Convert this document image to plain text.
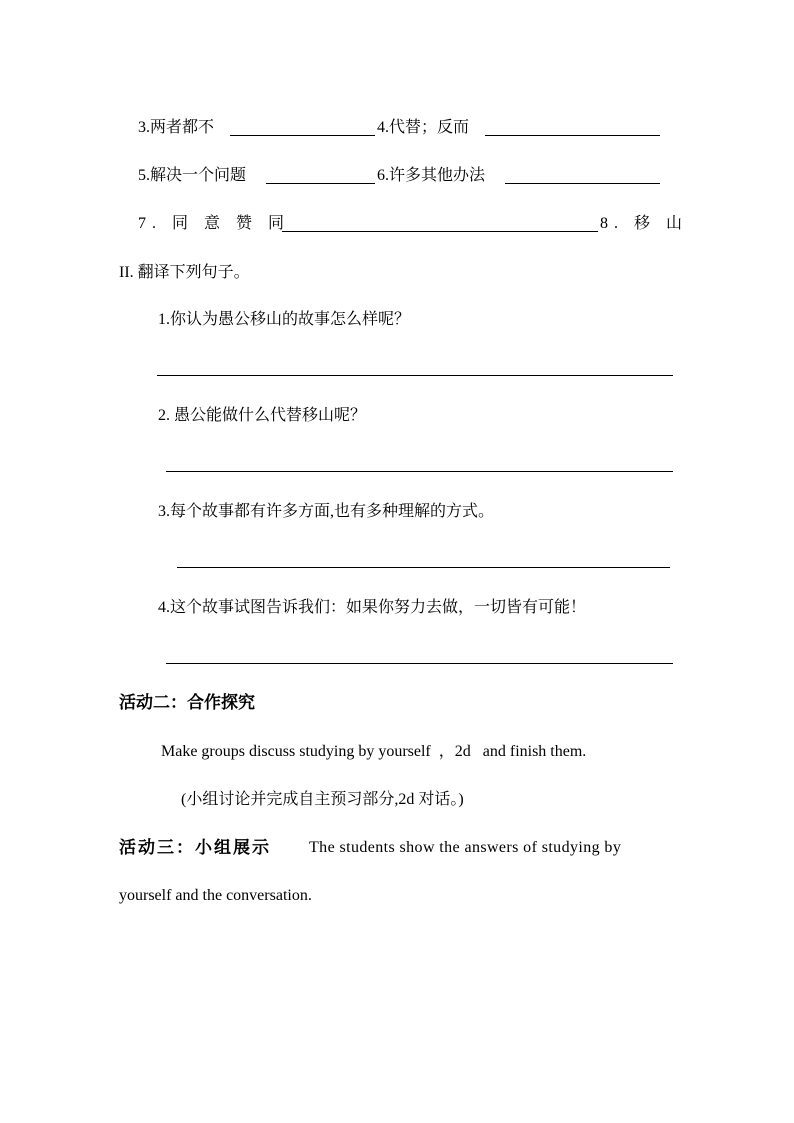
3.两者都不	4.代替；反而
5.解决一个问题	6.许多其他办法
7. 同 意 赞 同	8. 移 山
II. 翻译下列句子。
1.你认为愚公移山的故事怎么样呢？
2. 愚公能做什么代替移山呢？
3.每个故事都有许多方面,也有多种理解的方式。
4.这个故事试图告诉我们：如果你努力去做，一切皆有可能！
活动二：合作探究
Make groups discuss studying by yourself  ，2d   and finish them.
(小组讨论并完成自主预习部分,2d 对话。)
活动三：小组展示 The students show the answers of studying by
yourself and the conversation.
